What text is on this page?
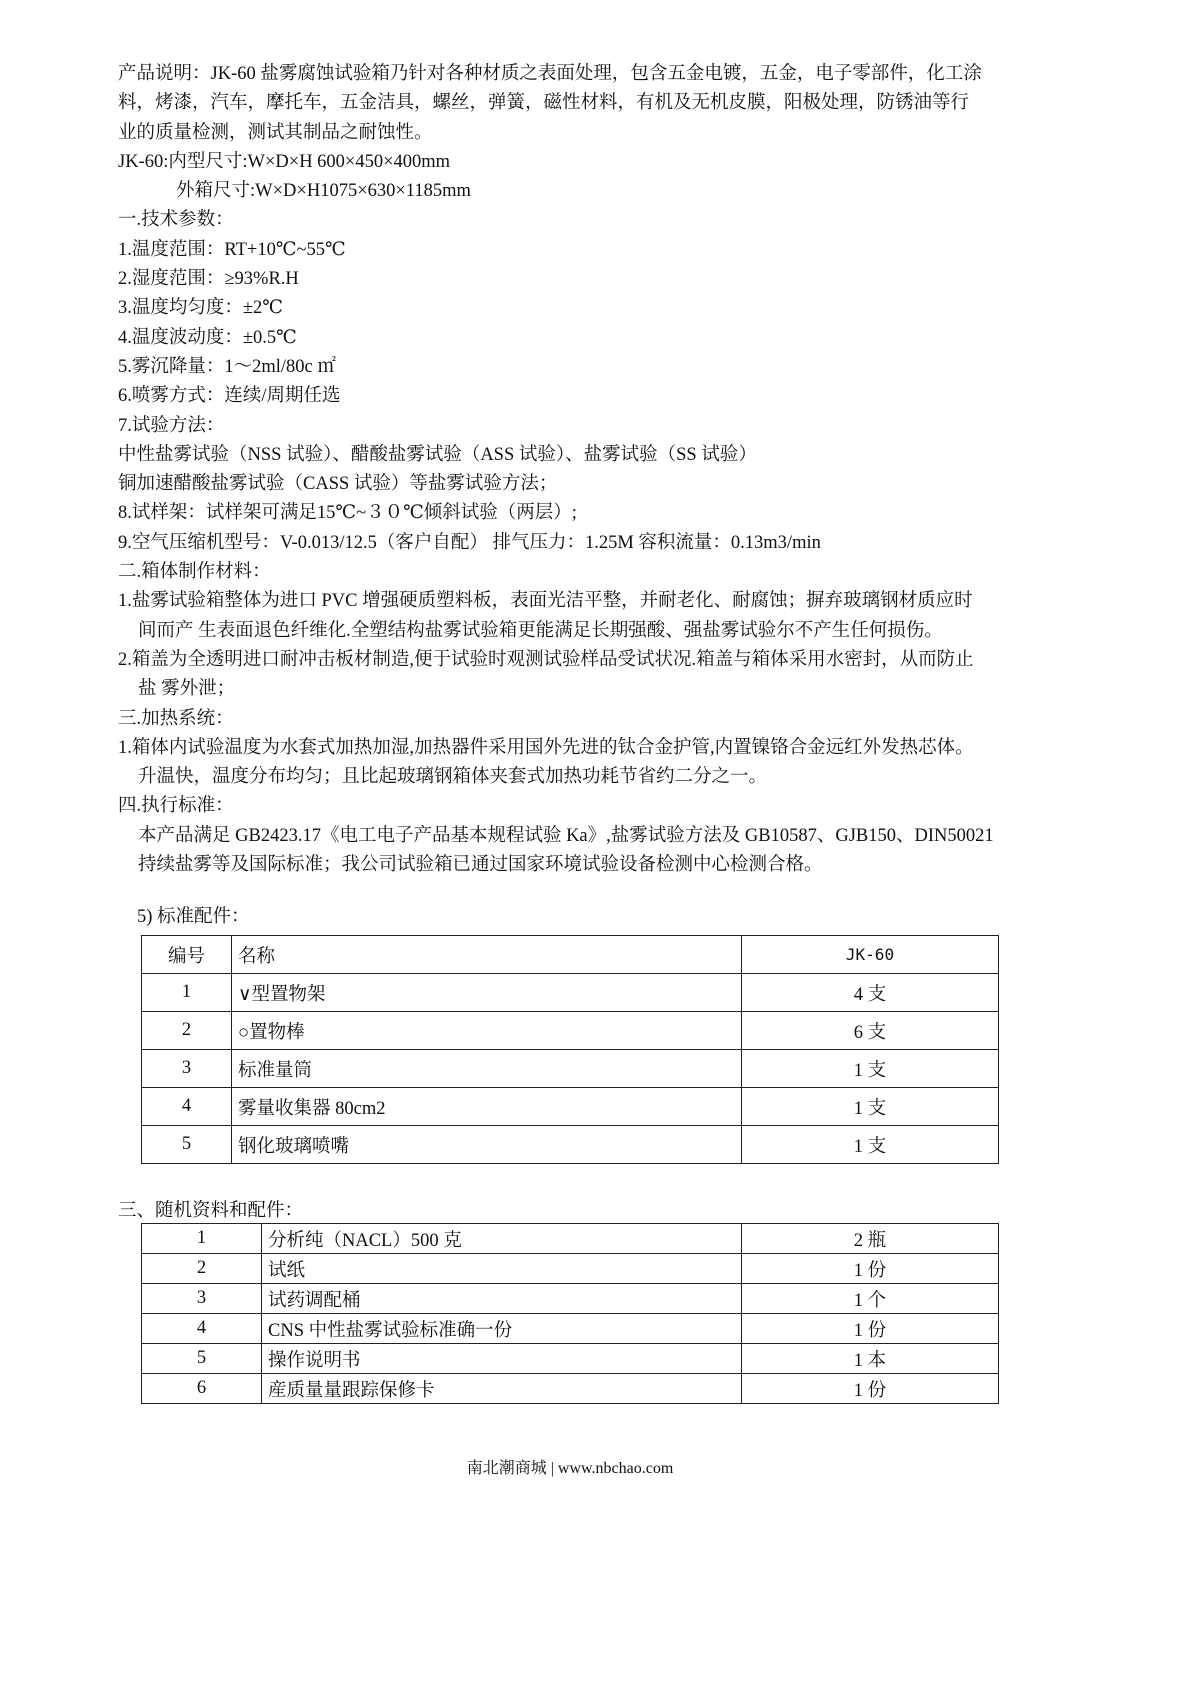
产品说明：JK-60 盐雾腐蚀试验箱乃针对各种材质之表面处理，包含五金电镀，五金，电子零部件，化工涂

料，烤漆，汽车，摩托车，五金洁具，螺丝，弹簧，磁性材料，有机及无机皮膜，阳极处理，防锈油等行

业的质量检测，测试其制品之耐蚀性。

JK-60:内型尺寸:W×D×H 600×450×400mm

外箱尺寸:W×D×H1075×630×1185mm

一.技术参数：

1.温度范围：RT+10℃~55℃

2.湿度范围：≥93%R.H

3.温度均匀度：±2℃

4.温度波动度：±0.5℃

5.雾沉降量：1～2ml/80c ㎡

6.喷雾方式：连续/周期任选

7.试验方法：

中性盐雾试验（NSS 试验）、醋酸盐雾试验（ASS 试验）、盐雾试验（SS 试验）

铜加速醋酸盐雾试验（CASS 试验）等盐雾试验方法；

8.试样架：试样架可满足15℃~３０℃倾斜试验（两层）;

9.空气压缩机型号：V-0.013/12.5（客户自配） 排气压力：1.25M 容积流量：0.13m3/min

二.箱体制作材料：

1.盐雾试验箱整体为进口 PVC 增强硬质塑料板，表面光洁平整，并耐老化、耐腐蚀；摒弃玻璃钢材质应时

间而产 生表面退色纤维化.全塑结构盐雾试验箱更能满足长期强酸、强盐雾试验尔不产生任何损伤。

2.箱盖为全透明进口耐冲击板材制造,便于试验时观测试验样品受试状况.箱盖与箱体采用水密封，从而防止

盐 雾外泄；

三.加热系统：

1.箱体内试验温度为水套式加热加湿,加热器件采用国外先进的钛合金护管,内置镍铬合金远红外发热芯体。

升温快，温度分布均匀；且比起玻璃钢箱体夹套式加热功耗节省约二分之一。

四.执行标准：

本产品满足 GB2423.17《电工电子产品基本规程试验 Ka》,盐雾试验方法及 GB10587、GJB150、DIN50021

持续盐雾等及国际标准；我公司试验箱已通过国家环境试验设备检测中心检测合格。

5) 标准配件：
编号	名称	JK-60
1	∨型置物架	4 支
2	○置物棒	6 支
3	标准量筒	1 支
4	雾量收集器 80cm2	1 支
5	钢化玻璃喷嘴	1 支
三、随机资料和配件：
1	分析纯（NACL）500 克	2 瓶
2	试纸	1 份
3	试药调配桶	1 个
4	CNS 中性盐雾试验标准确一份	1 份
5	操作说明书	1 本
6	産质量量跟踪保修卡	1 份
南北潮商城 | www.nbchao.com
